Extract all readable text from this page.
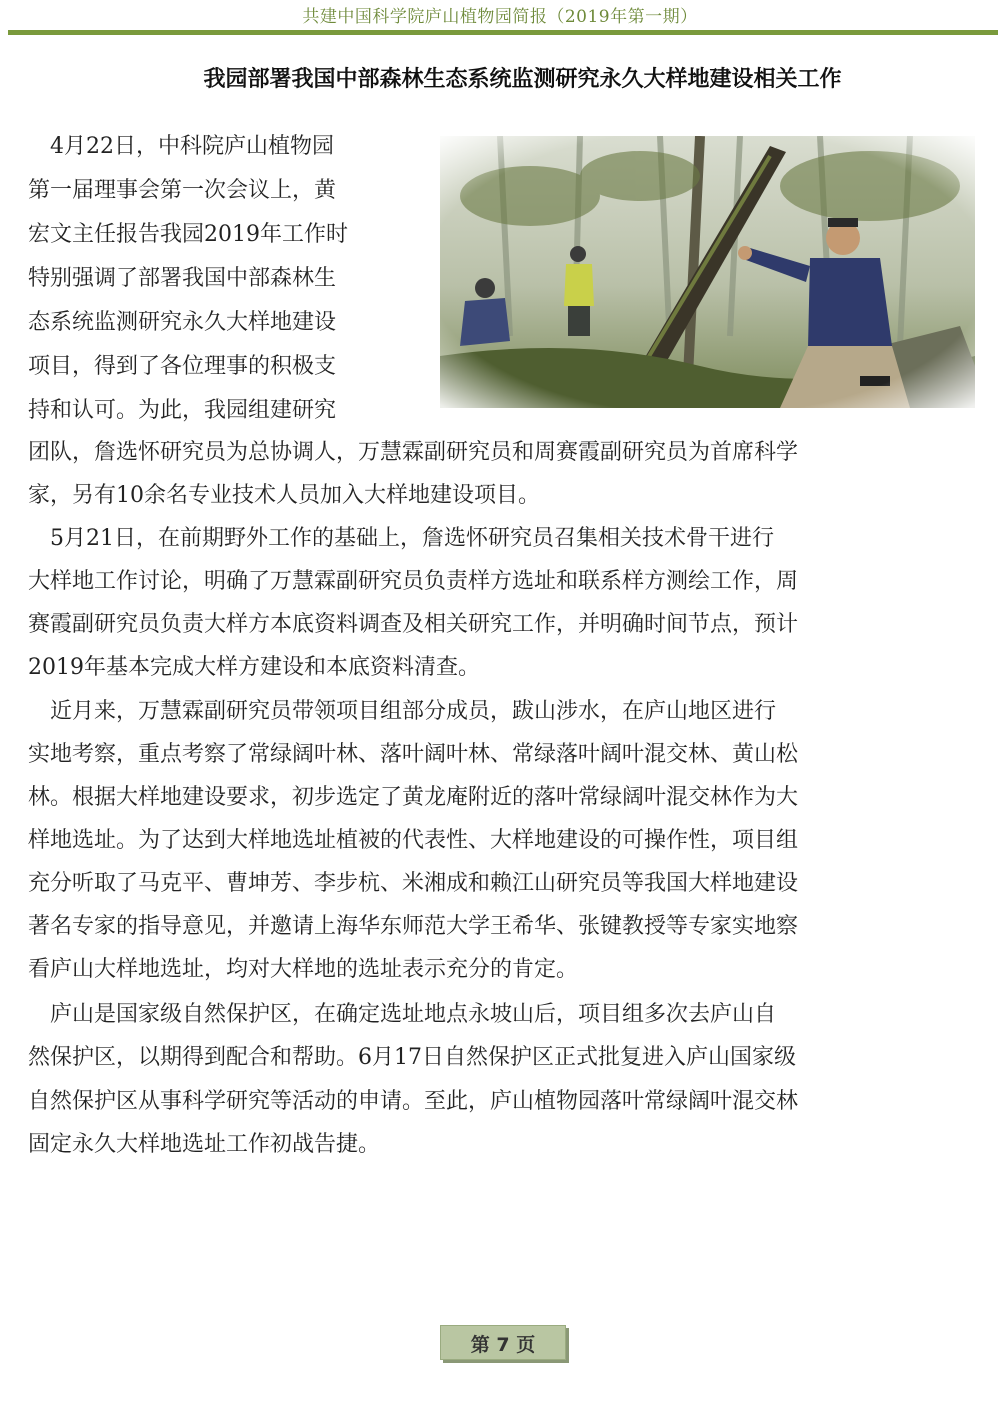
共建中国科学院庐山植物园简报（2019年第一期）
我园部署我国中部森林生态系统监测研究永久大样地建设相关工作
　4月22日，中科院庐山植物园
第一届理事会第一次会议上，黄
宏文主任报告我园2019年工作时
特别强调了部署我国中部森林生
态系统监测研究永久大样地建设
项目，得到了各位理事的积极支
持和认可。为此，我园组建研究
团队，詹选怀研究员为总协调人，万慧霖副研究员和周赛霞副研究员为首席科学
家，另有10余名专业技术人员加入大样地建设项目。
　5月21日，在前期野外工作的基础上，詹选怀研究员召集相关技术骨干进行
大样地工作讨论，明确了万慧霖副研究员负责样方选址和联系样方测绘工作，周
赛霞副研究员负责大样方本底资料调查及相关研究工作，并明确时间节点，预计
2019年基本完成大样方建设和本底资料清查。
　近月来，万慧霖副研究员带领项目组部分成员，跋山涉水，在庐山地区进行
实地考察，重点考察了常绿阔叶林、落叶阔叶林、常绿落叶阔叶混交林、黄山松
林。根据大样地建设要求，初步选定了黄龙庵附近的落叶常绿阔叶混交林作为大
样地选址。为了达到大样地选址植被的代表性、大样地建设的可操作性，项目组
充分听取了马克平、曹坤芳、李步杭、米湘成和赖江山研究员等我国大样地建设
著名专家的指导意见，并邀请上海华东师范大学王希华、张键教授等专家实地察
看庐山大样地选址，均对大样地的选址表示充分的肯定。
　庐山是国家级自然保护区，在确定选址地点永坡山后，项目组多次去庐山自
然保护区，以期得到配合和帮助。6月17日自然保护区正式批复进入庐山国家级
自然保护区从事科学研究等活动的申请。至此，庐山植物园落叶常绿阔叶混交林
固定永久大样地选址工作初战告捷。
第 7 页
